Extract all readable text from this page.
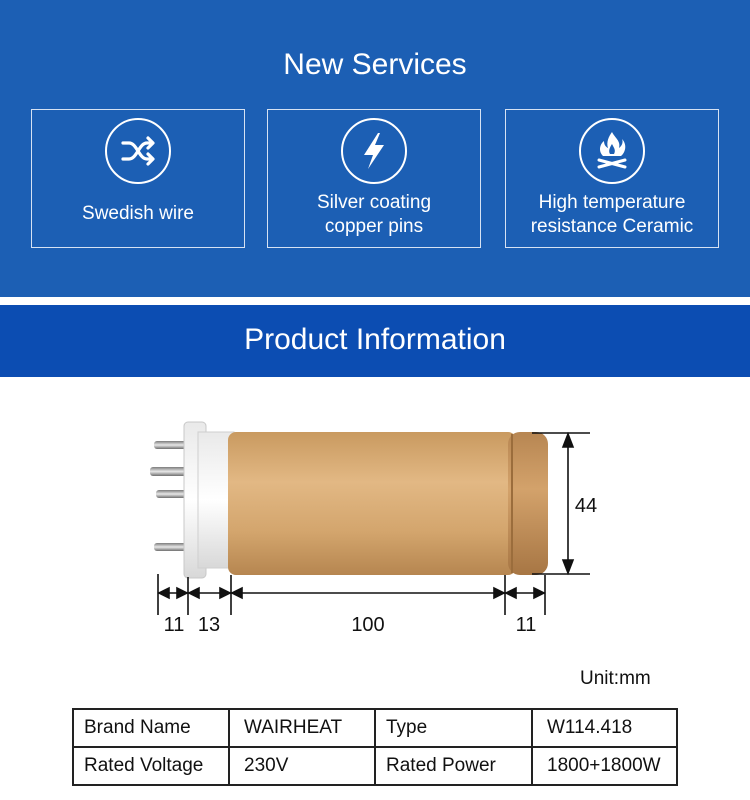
New Services
Swedish wire
Silver coating
copper pins
High temperature
resistance Ceramic
Product Information
44
11 13	100	11
Unit:mm
Brand Name	WAIRHEAT	Type	W114.418
Rated Voltage	230V	Rated Power	1800+1800W
